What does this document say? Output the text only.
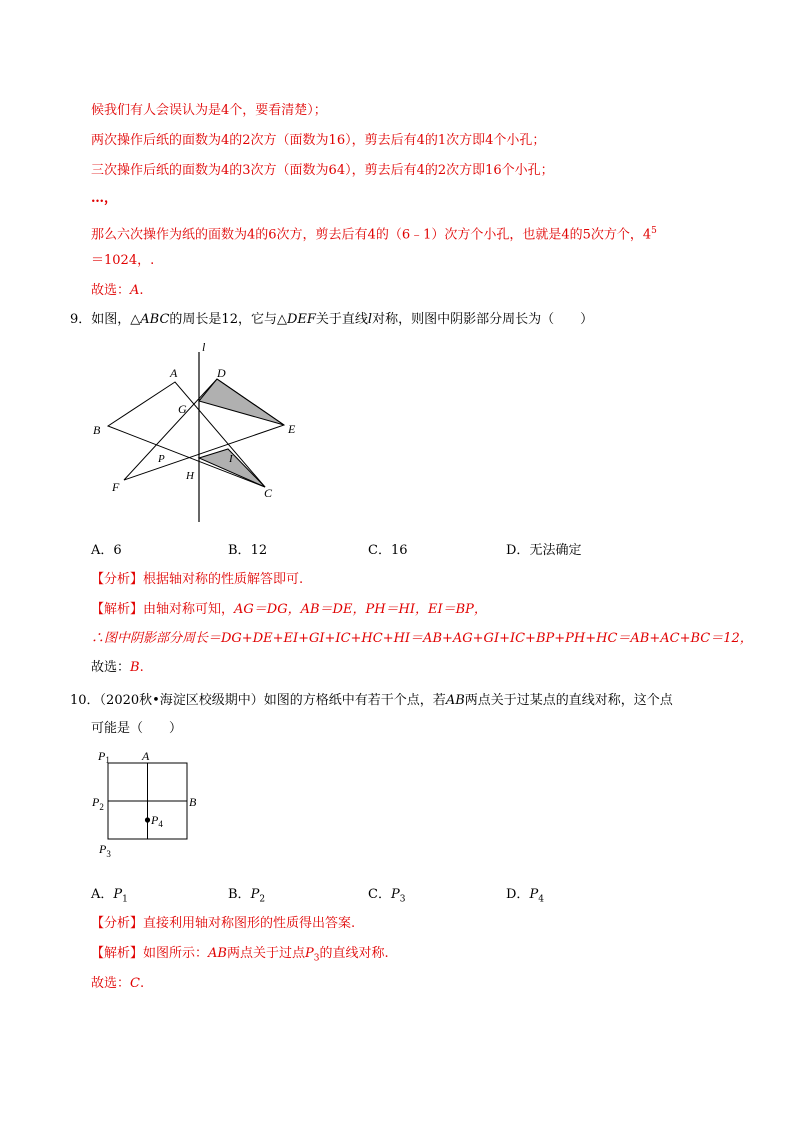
候我们有人会误认为是4个，要看清楚）；
两次操作后纸的面数为4的2次方（面数为16），剪去后有4的1次方即4个小孔；
三次操作后纸的面数为4的3次方（面数为64），剪去后有4的2次方即16个小孔；
…，
那么六次操作为纸的面数为4的6次方，剪去后有4的（6﹣1）次方个小孔，也就是4的5次方个，$4^5$
＝1024，.
故选：A.
9．如图，△ABC的周长是12，它与△DEF关于直线l对称，则图中阴影部分周长为（　　）
l
A	D
G
B	E
I
P
H
F	C
A．6	B．12	C．16	D．无法确定
【分析】根据轴对称的性质解答即可.
【解析】由轴对称可知，AG＝DG，AB＝DE，PH＝HI，EI＝BP，
∴图中阴影部分周长＝DG+DE+EI+GI+IC+HC+HI＝AB+AG+GI+IC+BP+PH+HC＝AB+AC+BC＝12，
故选：B.
10．（2020秋•海淀区校级期中）如图的方格纸中有若干个点，若AB两点关于过某点的直线对称，这个点
可能是（　　）
$P_1$	A
$P_2$	B
$P_4$
$P_3$
A．$P_1$	B．$P_2$	C．$P_3$	D．$P_4$
【分析】直接利用轴对称图形的性质得出答案.
【解析】如图所示：AB两点关于过点$P_3$的直线对称.
故选：C.
